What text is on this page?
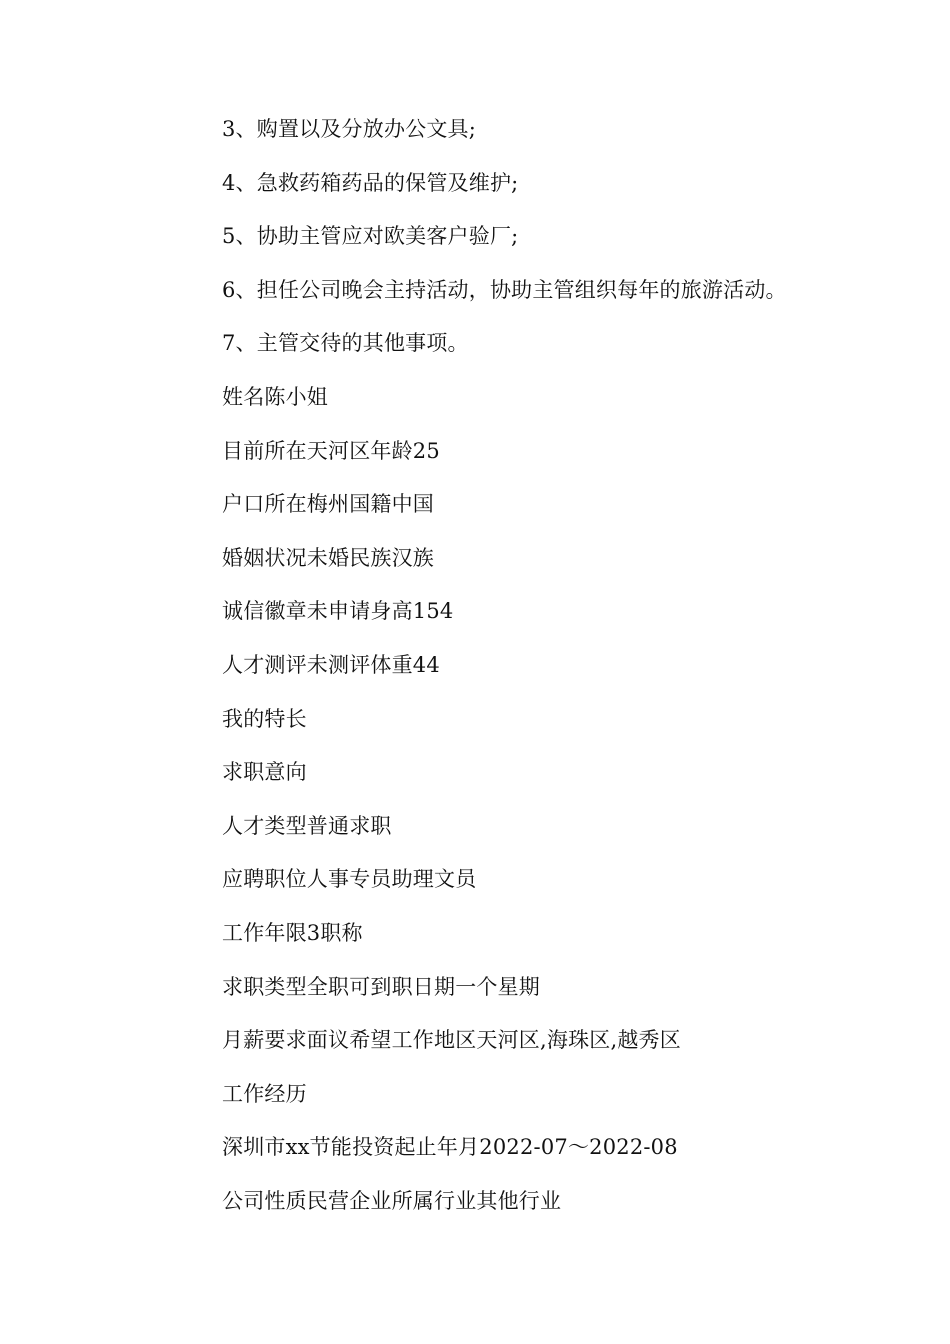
3、购置以及分放办公文具;
4、急救药箱药品的保管及维护;
5、协助主管应对欧美客户验厂;
6、担任公司晚会主持活动，协助主管组织每年的旅游活动。
7、主管交待的其他事项。
姓名陈小姐
目前所在天河区年龄25
户口所在梅州国籍中国
婚姻状况未婚民族汉族
诚信徽章未申请身高154
人才测评未测评体重44
我的特长
求职意向
人才类型普通求职
应聘职位人事专员助理文员
工作年限3职称
求职类型全职可到职日期一个星期
月薪要求面议希望工作地区天河区,海珠区,越秀区
工作经历
深圳市xx节能投资起止年月2022-07～2022-08
公司性质民营企业所属行业其他行业
